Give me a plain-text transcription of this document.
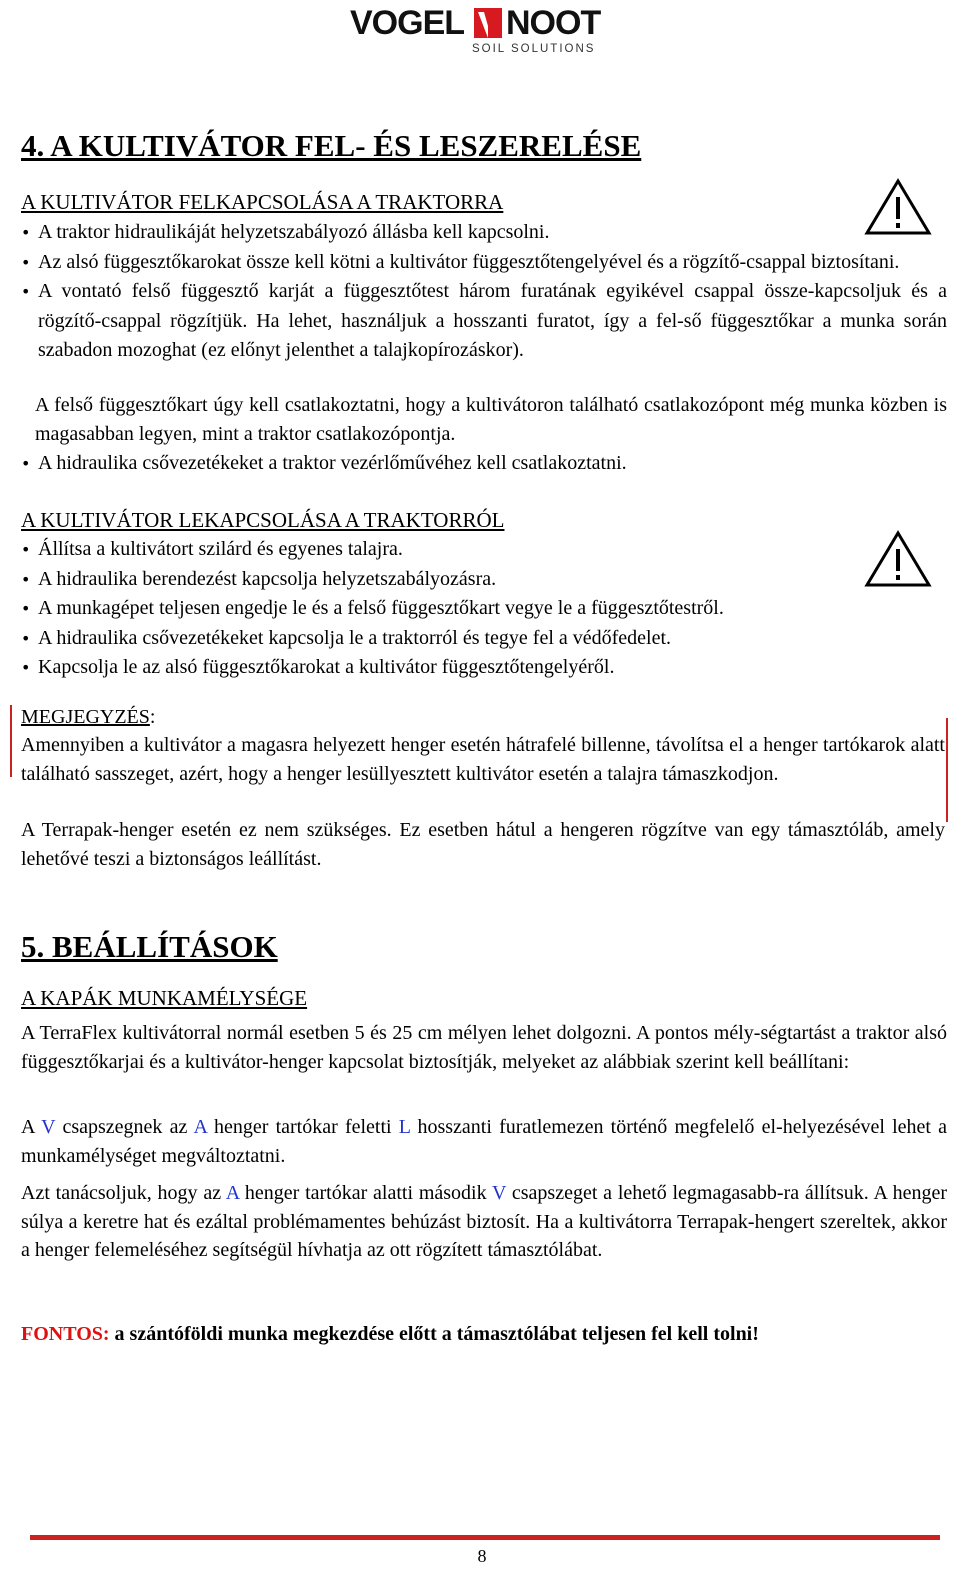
VOGEL NOOT
SOIL SOLUTIONS
4. A KULTIVÁTOR FEL- ÉS LESZERELÉSE
A KULTIVÁTOR FELKAPCSOLÁSA A TRAKTORRA
• A traktor hidraulikáját helyzetszabályozó állásba kell kapcsolni.
• Az alsó függesztőkarokat össze kell kötni a kultivátor függesztőtengelyével és a rögzítő-csappal biztosítani.
• A vontató felső függesztő karját a függesztőtest három furatának egyikével csappal össze-kapcsoljuk és a rögzítő-csappal rögzítjük. Ha lehet, használjuk a hosszanti furatot, így a fel-ső függesztőkar a munka során szabadon mozoghat (ez előnyt jelenthet a talajkopírozáskor).

A felső függesztőkart úgy kell csatlakoztatni, hogy a kultivátoron található csatlakozópont még munka közben is magasabban legyen, mint a traktor csatlakozópontja.

• A hidraulika csővezetékeket a traktor vezérlőművéhez kell csatlakoztatni.
A KULTIVÁTOR LEKAPCSOLÁSA A TRAKTORRÓL
• Állítsa a kultivátort szilárd és egyenes talajra.
• A hidraulika berendezést kapcsolja helyzetszabályozásra.
• A munkagépet teljesen engedje le és a felső függesztőkart vegye le a függesztőtestről.
• A hidraulika csővezetékeket kapcsolja le a traktorról és tegye fel a védőfedelet.
• Kapcsolja le az alsó függesztőkarokat a kultivátor függesztőtengelyéről.

MEGJEGYZÉS:

Amennyiben a kultivátor a magasra helyezett henger esetén hátrafelé billenne, távolítsa el a henger tartókarok alatt található sasszeget, azért, hogy a henger lesüllyesztett kultivátor esetén a talajra támaszkodjon.

A Terrapak-henger esetén ez nem szükséges. Ez esetben hátul a hengeren rögzítve van egy támasztóláb, amely lehetővé teszi a biztonságos leállítást.

5. BEÁLLÍTÁSOK
A KAPÁK MUNKAMÉLYSÉGE

A TerraFlex kultivátorral normál esetben 5 és 25 cm mélyen lehet dolgozni. A pontos mély-ségtartást a traktor alsó függesztőkarjai és a kultivátor-henger kapcsolat biztosítják, melyeket az alábbiak szerint kell beállítani:

A V csapszegnek az A henger tartókar feletti L hosszanti furatlemezen történő megfelelő el-helyezésével lehet a munkamélységet megváltoztatni.

Azt tanácsoljuk, hogy az A henger tartókar alatti második V csapszeget a lehető legmagasabb-ra állítsuk. A henger súlya a keretre hat és ezáltal problémamentes behúzást biztosít. Ha a kultivátorra Terrapak-hengert szereltek, akkor a henger felemeléséhez segítségül hívhatja az ott rögzített támasztólábat.

FONTOS: a szántóföldi munka megkezdése előtt a támasztólábat teljesen fel kell tolni!

8
